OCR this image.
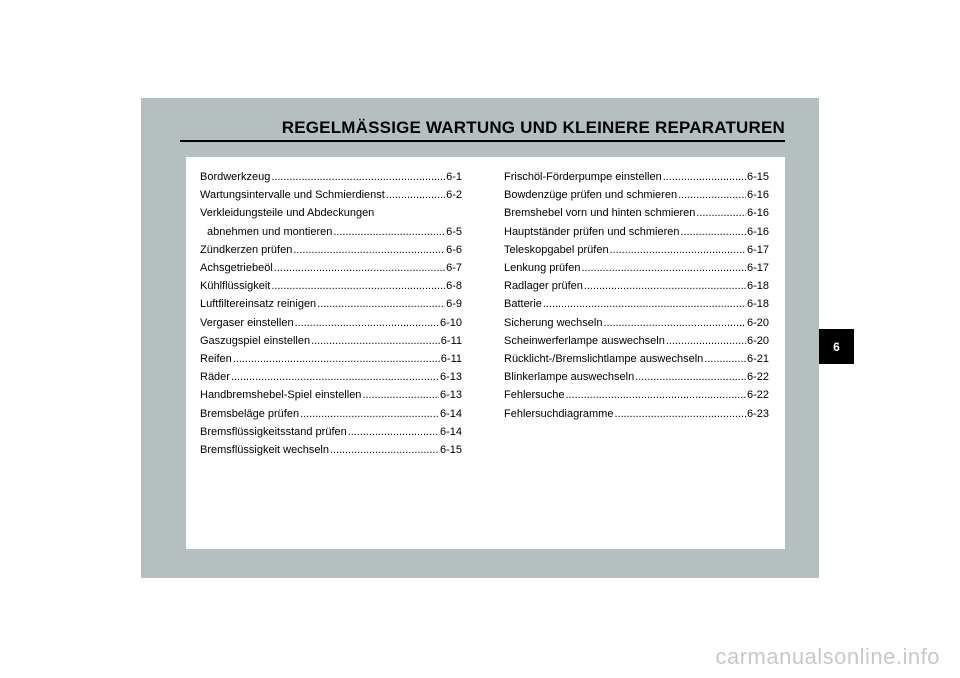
REGELMÄSSIGE WARTUNG UND KLEINERE REPARATUREN
Bordwerkzeug . . .	6-1
Wartungsintervalle und Schmierdienst . . .	6-2
Verkleidungsteile und Abdeckungen
abnehmen und montieren . . .	6-5
Zündkerzen prüfen . . .	6-6
Achsgetriebeöl . . .	6-7
Kühlflüssigkeit . . .	6-8
Luftfiltereinsatz reinigen . . .	6-9
Vergaser einstellen . . .	6-10
Gaszugspiel einstellen . . .	6-11
Reifen . . .	6-11
Räder . . .	6-13
Handbremshebel-Spiel einstellen . . .	6-13
Bremsbeläge prüfen . . .	6-14
Bremsflüssigkeitsstand prüfen . . .	6-14
Bremsflüssigkeit wechseln . . .	6-15
Frischöl-Förderpumpe einstellen . . .	6-15
Bowdenzüge prüfen und schmieren . . .	6-16
Bremshebel vorn und hinten schmieren . . .	6-16
Hauptständer prüfen und schmieren . . .	6-16
Teleskopgabel prüfen . . .	6-17
Lenkung prüfen . . .	6-17
Radlager prüfen . . .	6-18
Batterie . . .	6-18
Sicherung wechseln . . .	6-20
Scheinwerferlampe auswechseln . . .	6-20
Rücklicht-/Bremslichtlampe auswechseln . . .	6-21
Blinkerlampe auswechseln . . .	6-22
Fehlersuche . . .	6-22
Fehlersuchdiagramme . . .	6-23
6
carmanualsonline.info
